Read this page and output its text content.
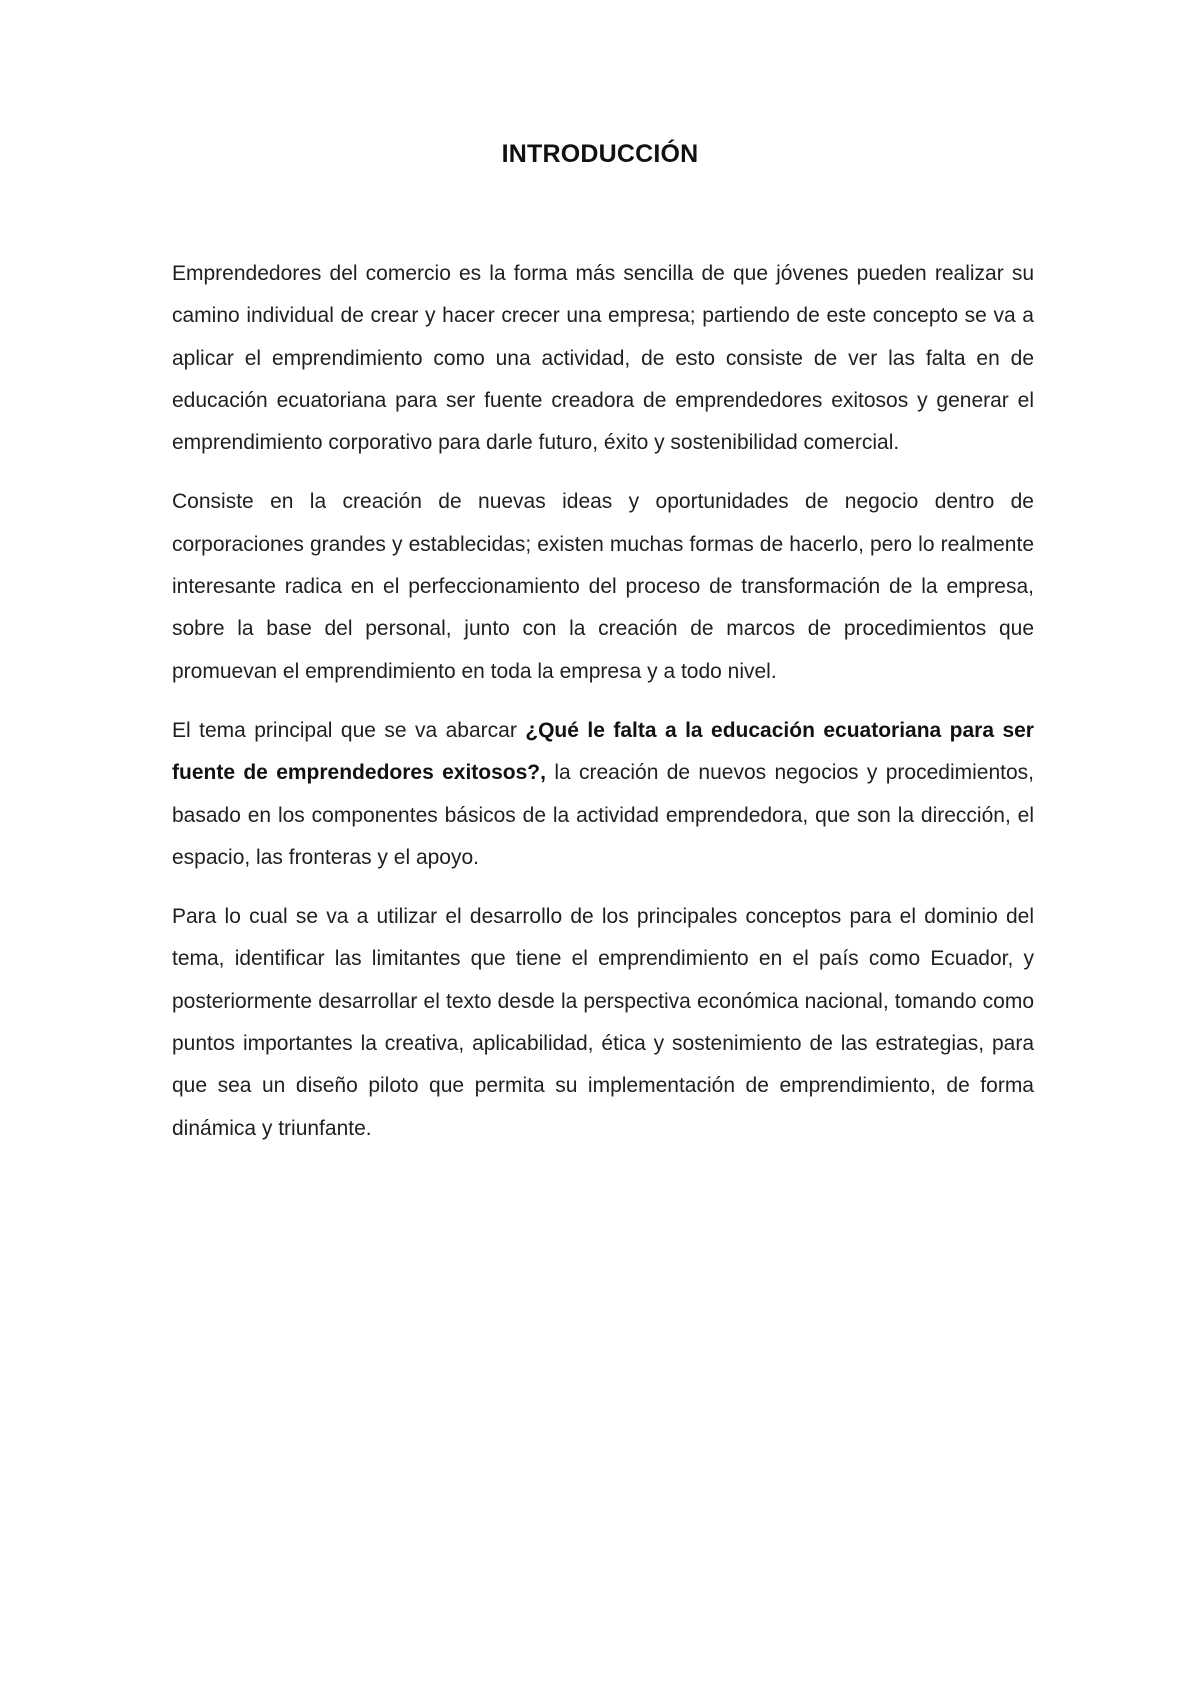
INTRODUCCIÓN

Emprendedores del comercio es la forma más sencilla de que jóvenes pueden realizar su camino individual de crear y hacer crecer una empresa; partiendo de este concepto se va a aplicar el emprendimiento como una actividad, de esto consiste de ver las falta en de educación ecuatoriana para ser fuente creadora de emprendedores exitosos y generar el emprendimiento corporativo para darle futuro, éxito y sostenibilidad comercial.

Consiste en la creación de nuevas ideas y oportunidades de negocio dentro de corporaciones grandes y establecidas; existen muchas formas de hacerlo, pero lo realmente interesante radica en el perfeccionamiento del proceso de transformación de la empresa, sobre la base del personal, junto con la creación de marcos de procedimientos que promuevan el emprendimiento en toda la empresa y a todo nivel.

El tema principal que se va abarcar ¿Qué le falta a la educación ecuatoriana para ser fuente de emprendedores exitosos?, la creación de nuevos negocios y procedimientos, basado en los componentes básicos de la actividad emprendedora, que son la dirección, el espacio, las fronteras y el apoyo.

Para lo cual se va a utilizar el desarrollo de los principales conceptos para el dominio del tema, identificar las limitantes que tiene el emprendimiento en el país como Ecuador, y posteriormente desarrollar el texto desde la perspectiva económica nacional, tomando como puntos importantes la creativa, aplicabilidad, ética y sostenimiento de las estrategias, para que sea un diseño piloto que permita su implementación de emprendimiento, de forma dinámica y triunfante.
